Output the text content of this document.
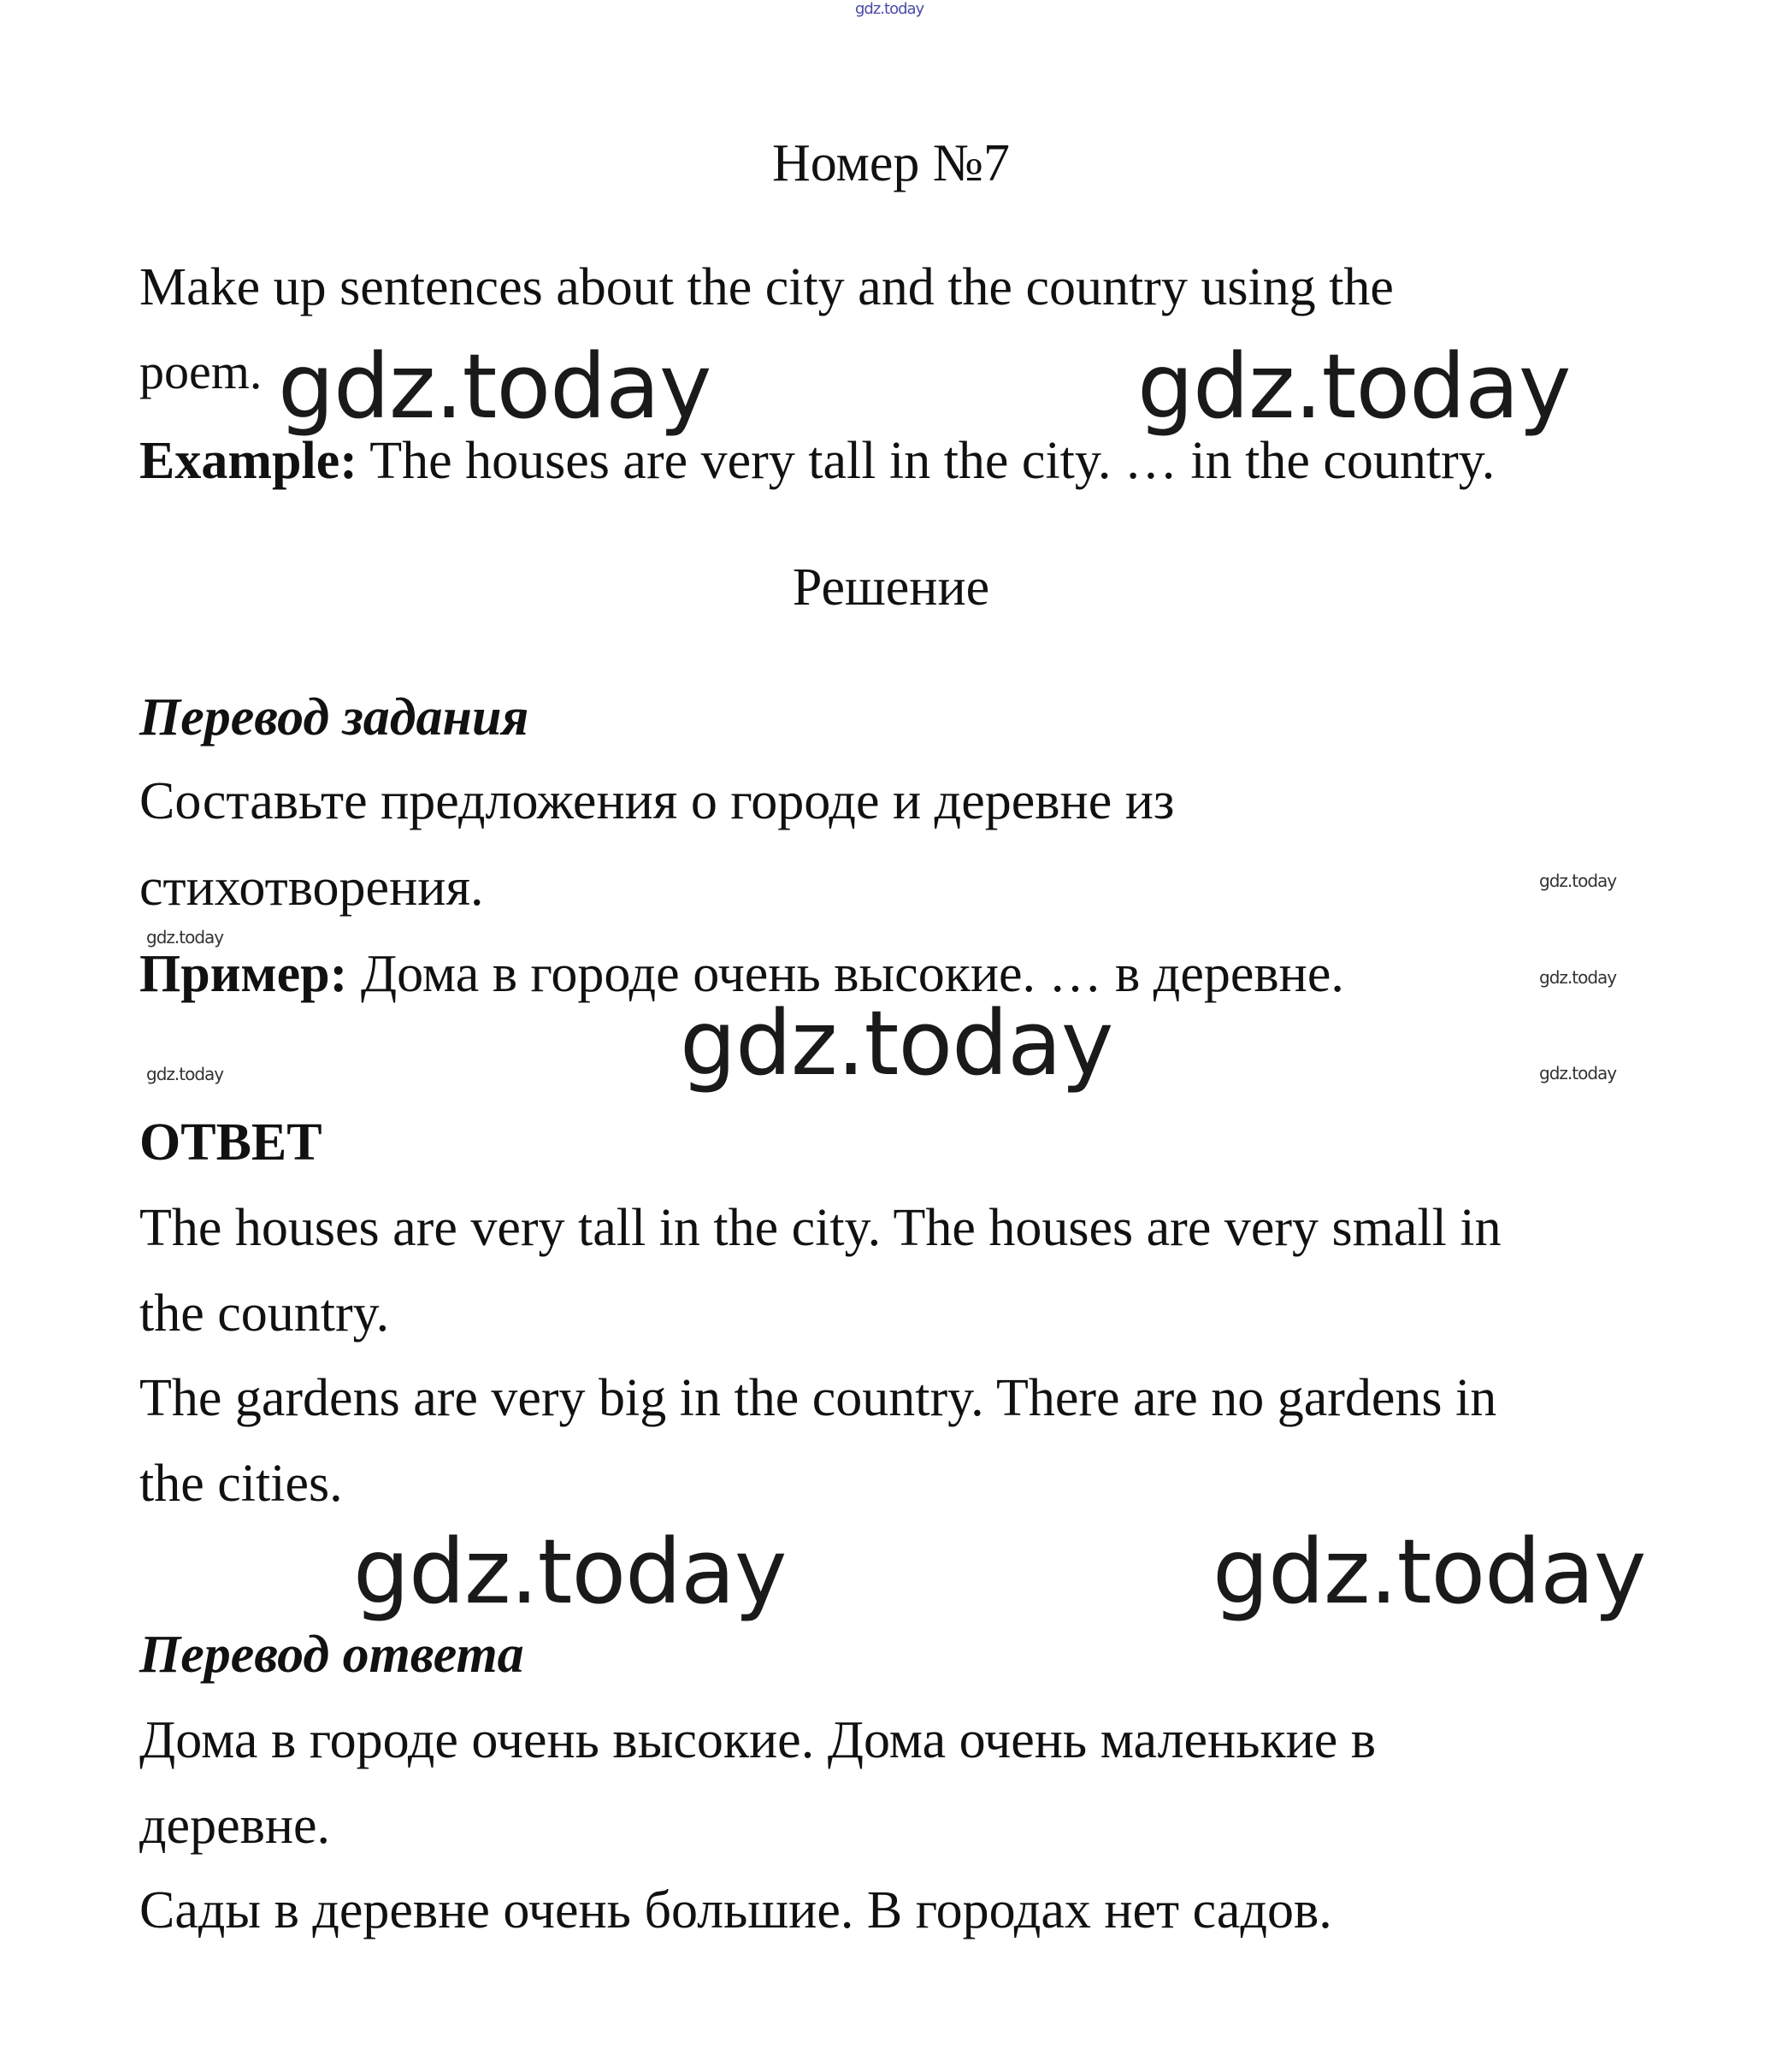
gdz.today

Номер №7

Make up sentences about the city and the country using the

poem.

Example: The houses are very tall in the city. … in the country.

Решение

Перевод задания

Составьте предложения о городе и деревне из

стихотворения.

Пример: Дома в городе очень высокие. … в деревне.

ОТВЕТ

The houses are very tall in the city. The houses are very small in

the country.

The gardens are very big in the country. There are no gardens in

the cities.

Перевод ответа

Дома в городе очень высокие. Дома очень маленькие в

деревне.

Сады в деревне очень большие. В городах нет садов.

gdz.today	gdz.today

gdz.today

gdz.today	gdz.today

gdz.today

gdz.today

gdz.today

gdz.today	gdz.today
